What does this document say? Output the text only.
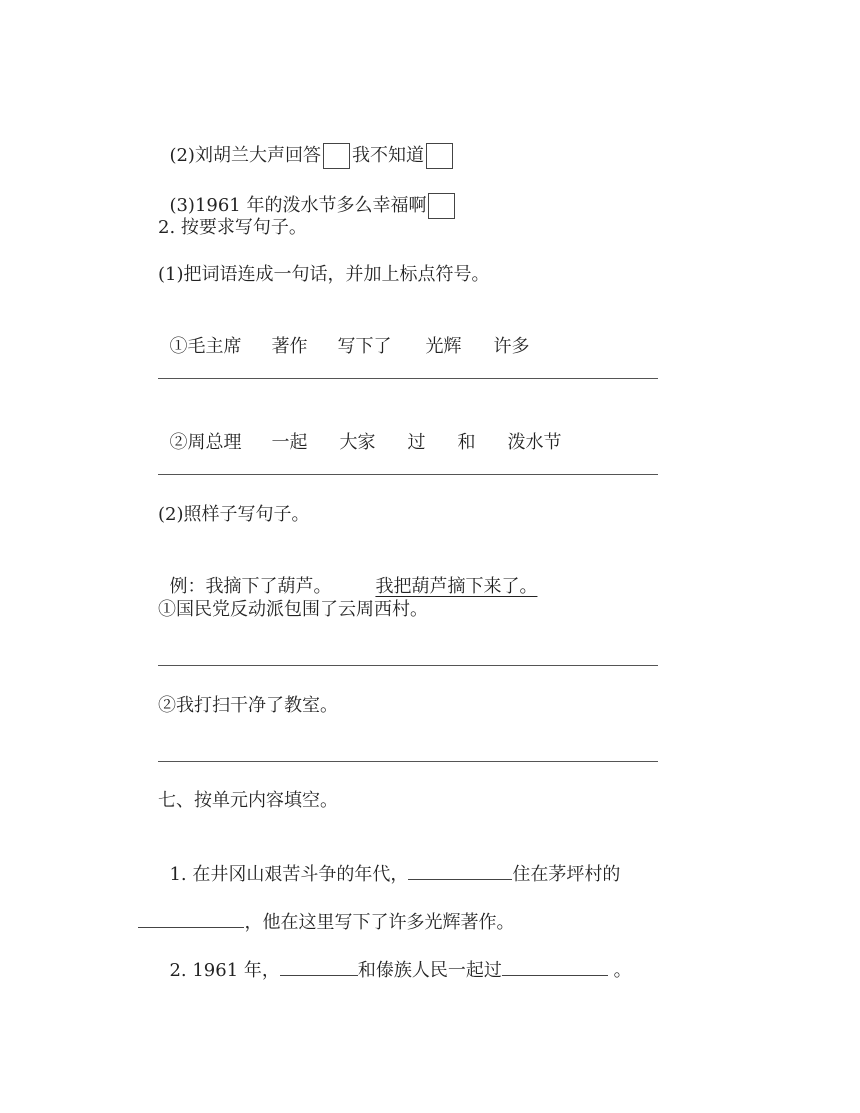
(2)刘胡兰大声回答 我不知道

(3)1961 年的泼水节多么幸福啊

2. 按要求写句子。
(1)把词语连成一句话，并加上标点符号。

①毛主席 著作 写下了 光辉 许多

②周总理 一起 大家 过 和 泼水节

(2)照样子写句子。

例：我摘下了葫芦。 我把葫芦摘下来了。

①国民党反动派包围了云周西村。
②我打扫干净了教室。
七、按单元内容填空。

1. 在井冈山艰苦斗争的年代，	住在茅坪村的

，他在这里写下了许多光辉著作。

2. 1961 年，	和傣族人民一起过	。
